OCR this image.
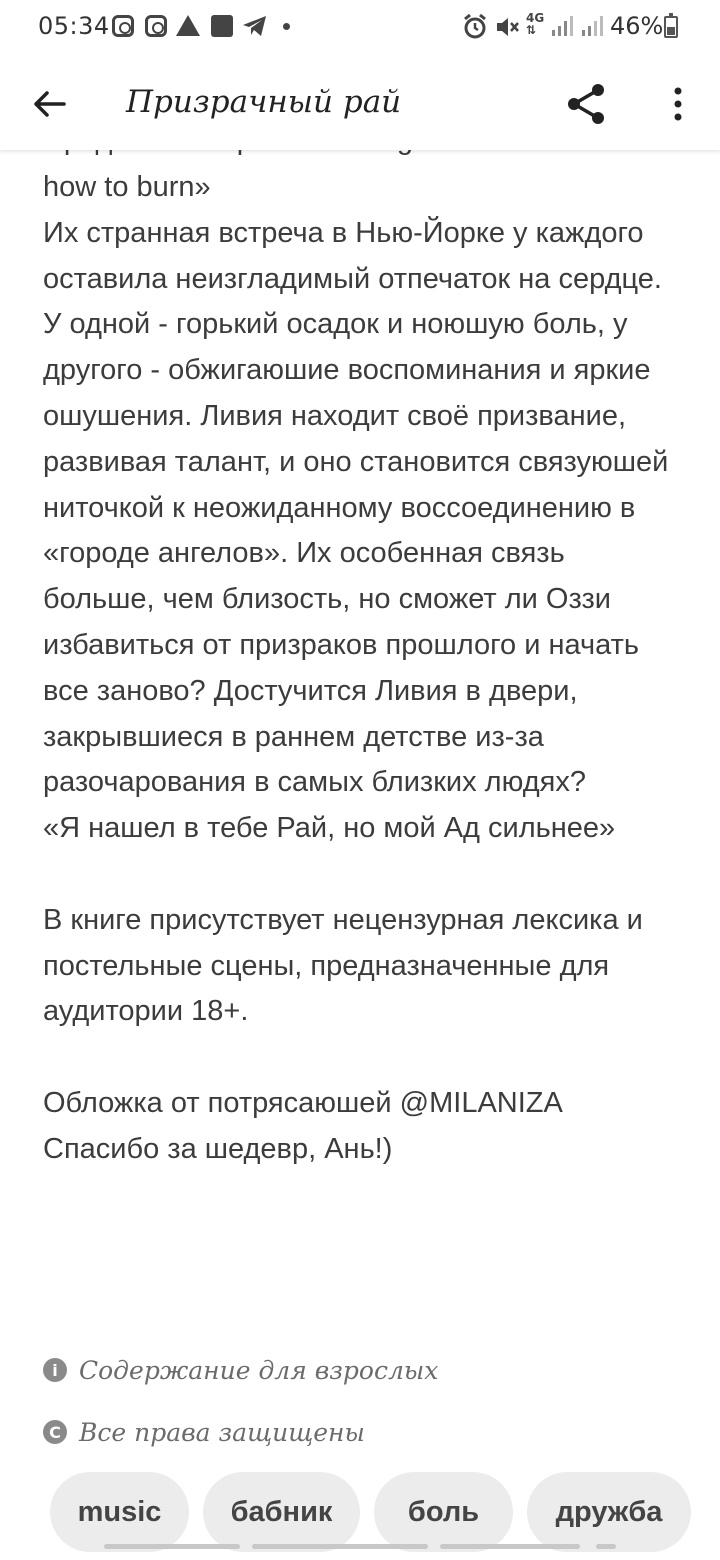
05:34	4G
⇅	46%
Призрачный рай

how to burn»

Их странная встреча в Нью-Йорке у каждого оставила неизгладимый отпечаток на сердце. У одной - горький осадок и ноюшую боль, у другого - обжигаюшие воспоминания и яркие ошушения. Ливия находит своё призвание, развивая талант, и оно становится связуюшей ниточкой к неожиданному воссоединению в «городе ангелов». Их особенная связь больше, чем близость, но сможет ли Оззи избавиться от призраков прошлого и начать все заново? Достучится Ливия в двери, закрывшиеся в раннем детстве из-за разочарования в самых близких людях?

«Я нашел в тебе Рай, но мой Ад сильнее»

В книге присутствует нецензурная лексика и постельные сцены, предназначенные для аудитории 18+.

Обложка от потрясаюшей @MILANIZA

Спасибо за шедевр, Ань!)

i Содержание для взрослых
C Все права защищены
music	бабник	боль	дружба
